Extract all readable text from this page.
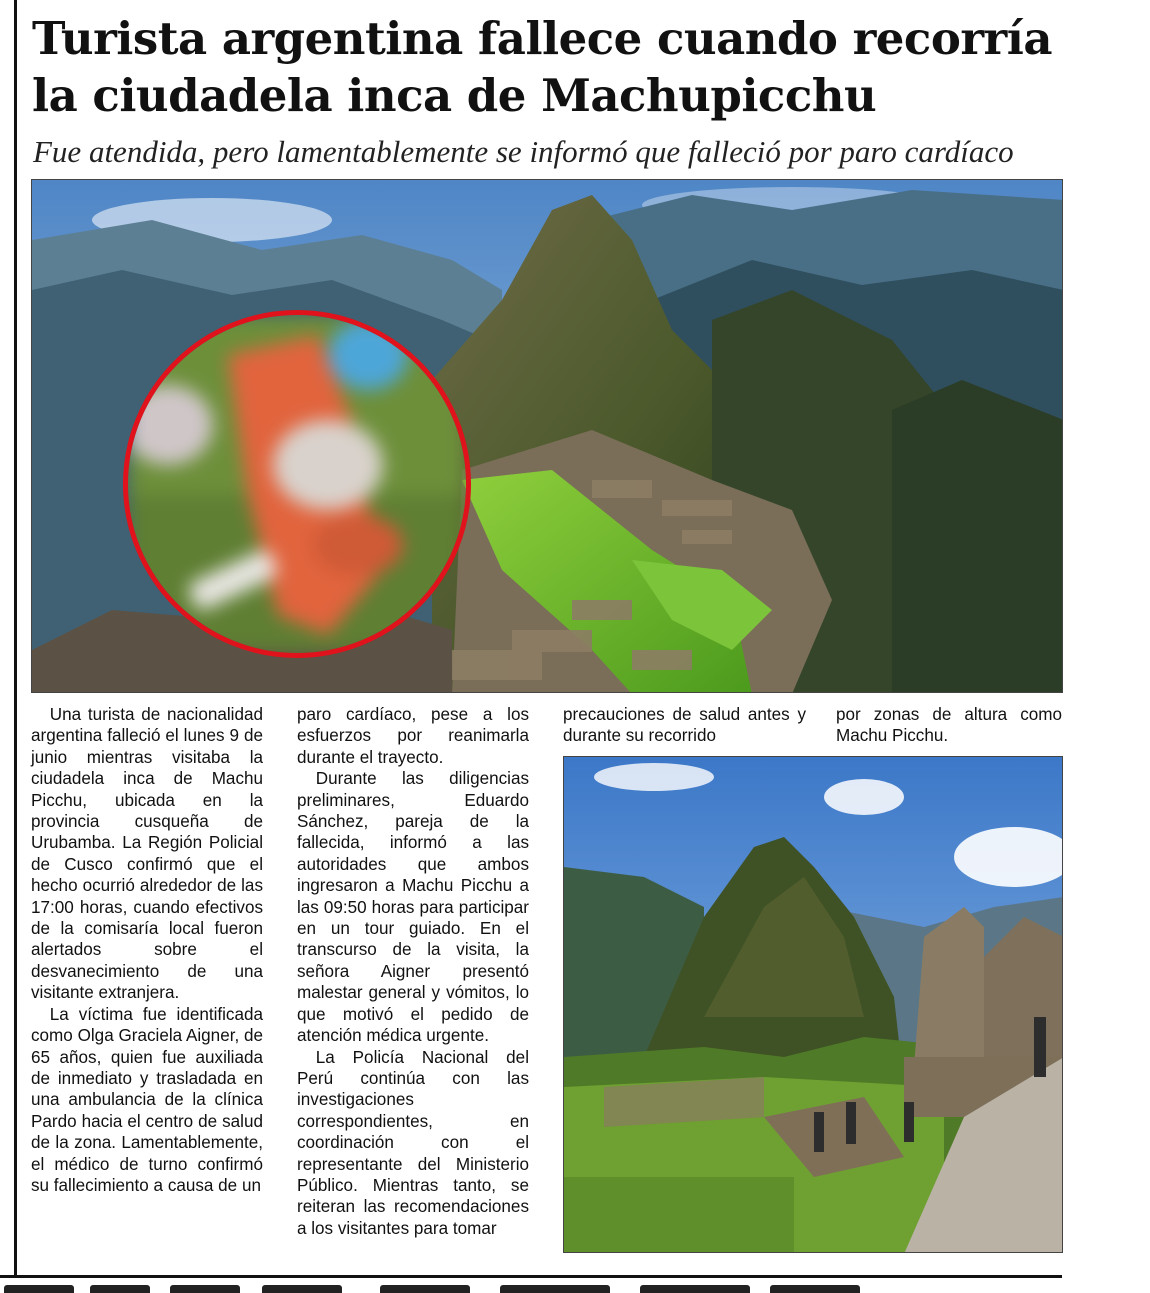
Turista argentina fallece cuando recorría la ciudadela inca de Machupicchu

Fue atendida, pero lamentablemente se informó que falleció por paro cardíaco

Una turista de nacionalidad argentina falleció el lunes 9 de junio mientras visitaba la ciudadela inca de Machu Picchu, ubicada en la provincia cusqueña de Urubamba. La Región Policial de Cusco confirmó que el hecho ocurrió alrededor de las 17:00 horas, cuando efectivos de la comisaría local fueron alertados sobre el desvanecimiento de una visitante extranjera.

La víctima fue identificada como Olga Graciela Aigner, de 65 años, quien fue auxiliada de inmediato y trasladada en una ambulancia de la clínica Pardo hacia el centro de salud de la zona. Lamentablemente, el médico de turno confirmó su fallecimiento a causa de un

paro cardíaco, pese a los esfuerzos por reanimarla durante el trayecto.

Durante las diligencias preliminares, Eduardo Sánchez, pareja de la fallecida, informó a las autoridades que ambos ingresaron a Machu Picchu a las 09:50 horas para participar en un tour guiado. En el transcurso de la visita, la señora Aigner presentó malestar general y vómitos, lo que motivó el pedido de atención médica urgente.

La Policía Nacional del Perú continúa con las investigaciones correspondientes, en coordinación con el representante del Ministerio Público. Mientras tanto, se reiteran las recomendaciones a los visitantes para tomar

precauciones de salud antes y durante su recorrido

por zonas de altura como Machu Picchu.
